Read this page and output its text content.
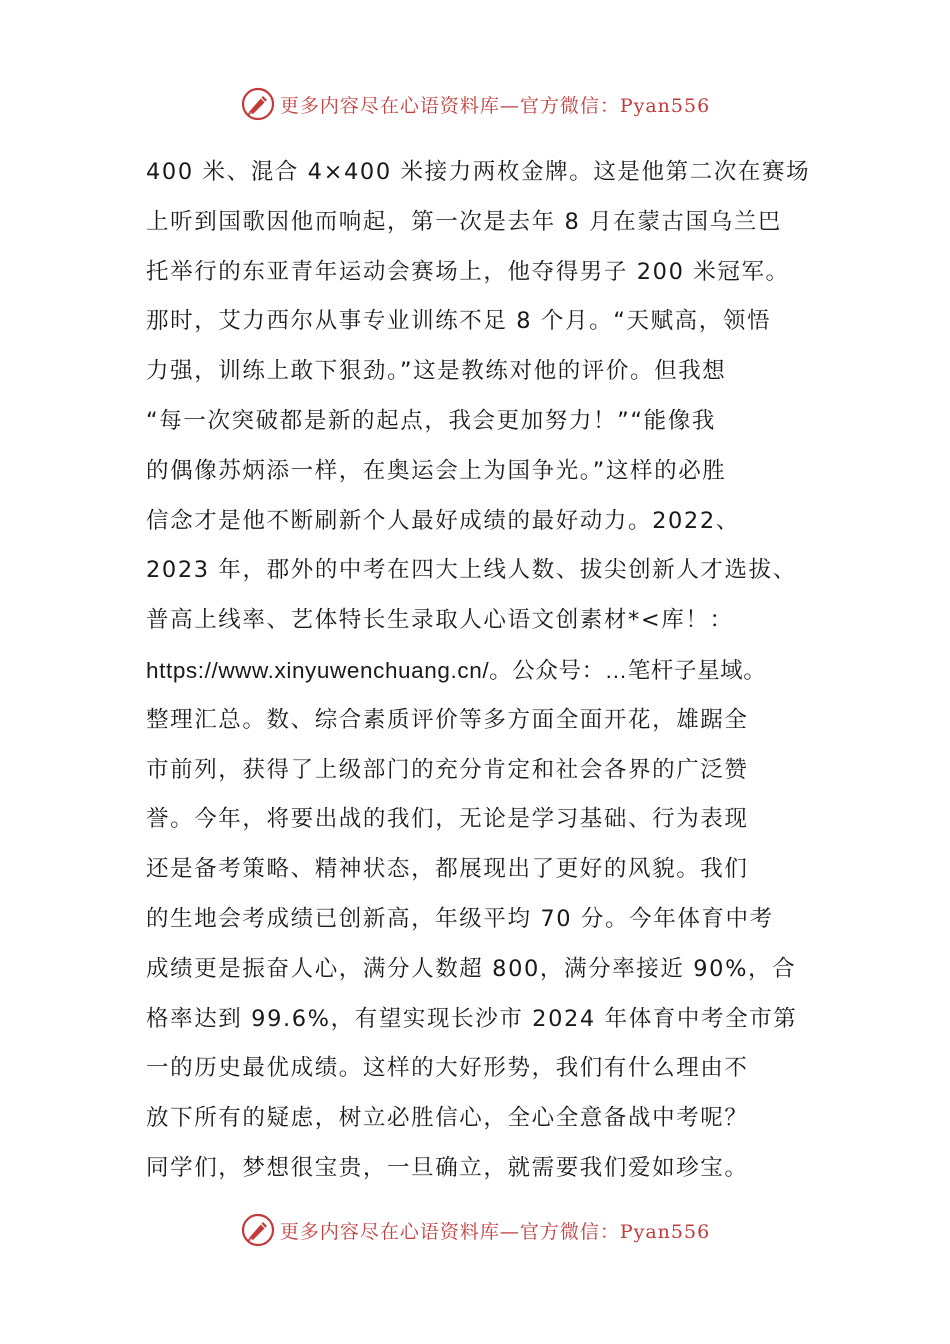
更多内容尽在心语资料库—官方微信：Pyan556
400 米、混合 4×400 米接力两枚金牌。这是他第二次在赛场
上听到国歌因他而响起，第一次是去年 8 月在蒙古国乌兰巴
托举行的东亚青年运动会赛场上，他夺得男子 200 米冠军。
那时，艾力西尔从事专业训练不足 8 个月。“天赋高，领悟
力强，训练上敢下狠劲。”这是教练对他的评价。但我想
“每一次突破都是新的起点，我会更加努力！”“能像我
的偶像苏炳添一样，在奥运会上为国争光。”这样的必胜
信念才是他不断刷新个人最好成绩的最好动力。2022、
2023 年，郡外的中考在四大上线人数、拔尖创新人才选拔、
普高上线率、艺体特长生录取人心语文创素材*<库！：
https://www.xinyuwenchuang.cn/。公众号：…笔杆子星域。
整理汇总。数、综合素质评价等多方面全面开花，雄踞全
市前列，获得了上级部门的充分肯定和社会各界的广泛赞
誉。今年，将要出战的我们，无论是学习基础、行为表现
还是备考策略、精神状态，都展现出了更好的风貌。我们
的生地会考成绩已创新高，年级平均 70 分。今年体育中考
成绩更是振奋人心，满分人数超 800，满分率接近 90%，合
格率达到 99.6%，有望实现长沙市 2024 年体育中考全市第
一的历史最优成绩。这样的大好形势，我们有什么理由不
放下所有的疑虑，树立必胜信心，全心全意备战中考呢？
同学们，梦想很宝贵，一旦确立，就需要我们爱如珍宝。
更多内容尽在心语资料库—官方微信：Pyan556
